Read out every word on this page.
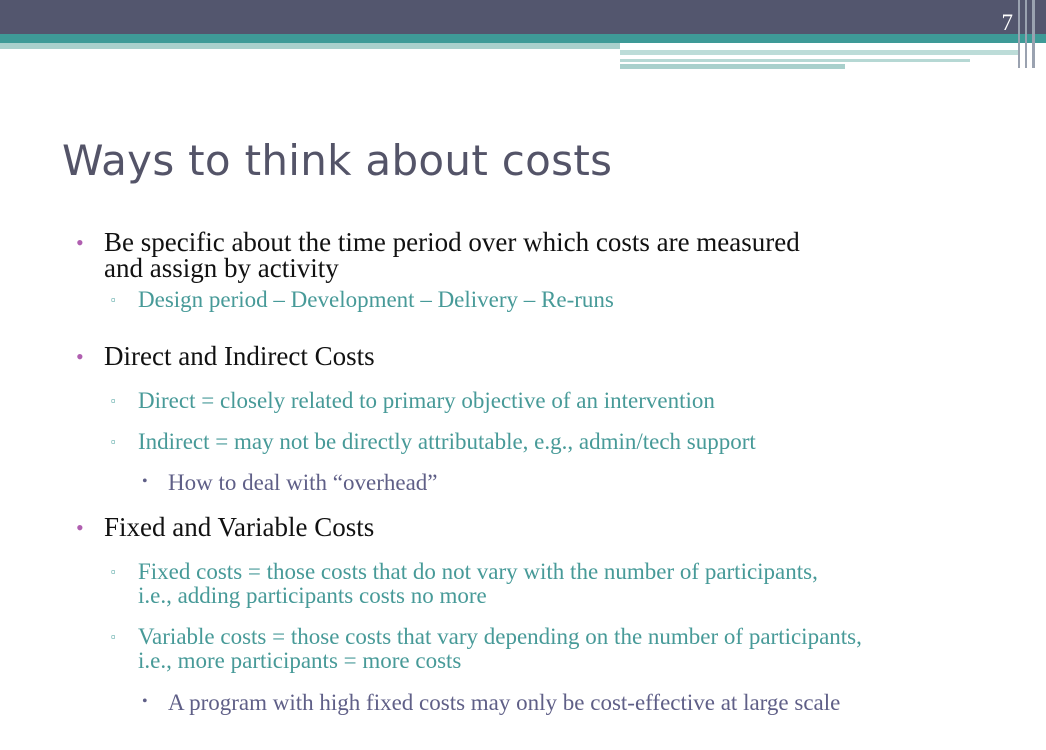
7
Ways to think about costs
• Be specific about the time period over which costs are measured and assign by activity
▫ Design period – Development – Delivery – Re-runs
• Direct and Indirect Costs
▫ Direct = closely related to primary objective of an intervention
▫ Indirect = may not be directly attributable, e.g., admin/tech support
• How to deal with “overhead”
• Fixed and Variable Costs
▫ Fixed costs = those costs that do not vary with the number of participants, i.e., adding participants costs no more
▫ Variable costs = those costs that vary depending on the number of participants, i.e., more participants = more costs
• A program with high fixed costs may only be cost-effective at large scale
